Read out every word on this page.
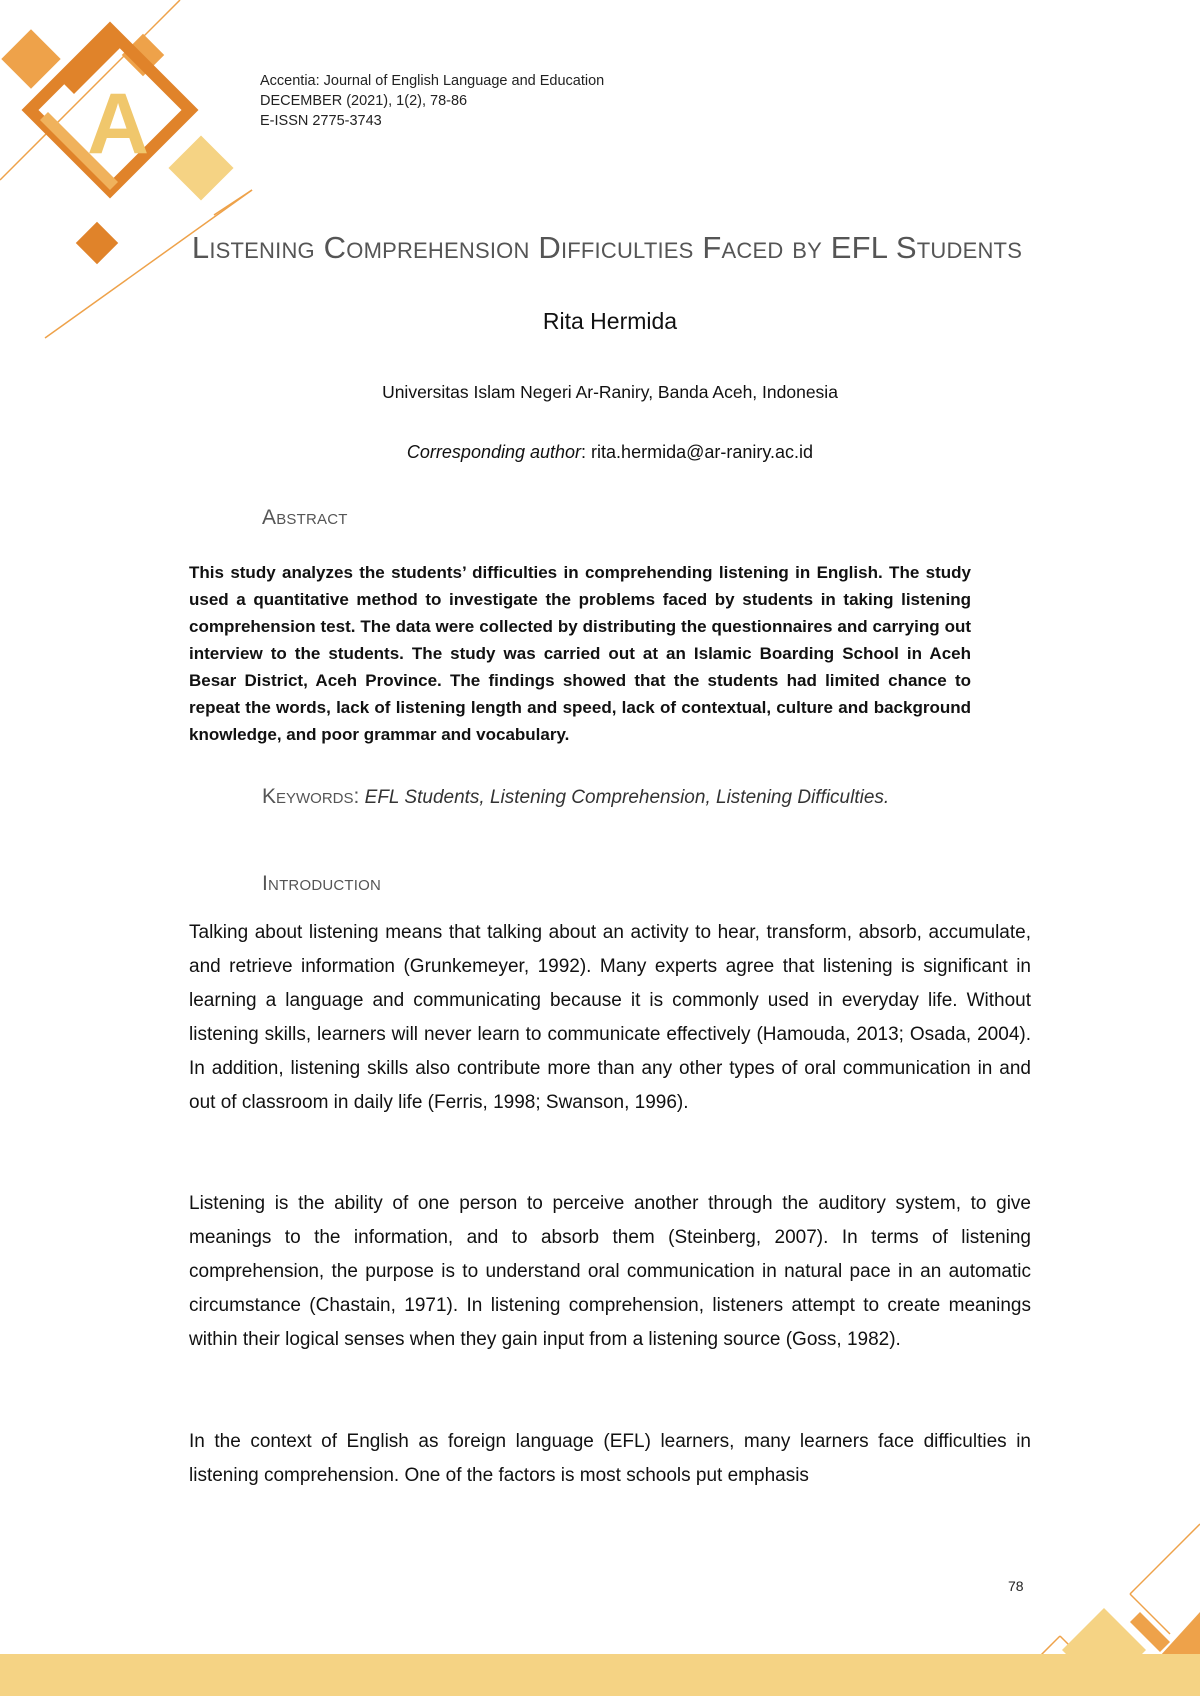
A	Accentia: Journal of English Language and Education
DECEMBER (2021), 1(2), 78-86
E-ISSN 2775-3743
Listening Comprehension Difficulties Faced by EFL Students
Rita Hermida
Universitas Islam Negeri Ar-Raniry, Banda Aceh, Indonesia
Corresponding author: rita.hermida@ar-raniry.ac.id
Abstract
This study analyzes the students’ difficulties in comprehending listening in English. The study used a quantitative method to investigate the problems faced by students in taking listening comprehension test. The data were collected by distributing the questionnaires and carrying out interview to the students. The study was carried out at an Islamic Boarding School in Aceh Besar District, Aceh Province. The findings showed that the students had limited chance to repeat the words, lack of listening length and speed, lack of contextual, culture and background knowledge, and poor grammar and vocabulary.
Keywords: EFL Students, Listening Comprehension, Listening Difficulties.
Introduction
Talking about listening means that talking about an activity to hear, transform, absorb, accumulate, and retrieve information (Grunkemeyer, 1992). Many experts agree that listening is significant in learning a language and communicating because it is commonly used in everyday life. Without listening skills, learners will never learn to communicate effectively (Hamouda, 2013; Osada, 2004). In addition, listening skills also contribute more than any other types of oral communication in and out of classroom in daily life (Ferris, 1998; Swanson, 1996).
Listening is the ability of one person to perceive another through the auditory system, to give meanings to the information, and to absorb them (Steinberg, 2007). In terms of listening comprehension, the purpose is to understand oral communication in natural pace in an automatic circumstance (Chastain, 1971). In listening comprehension, listeners attempt to create meanings within their logical senses when they gain input from a listening source (Goss, 1982).
In the context of English as foreign language (EFL) learners, many learners face difficulties in listening comprehension. One of the factors is most schools put emphasis
78
